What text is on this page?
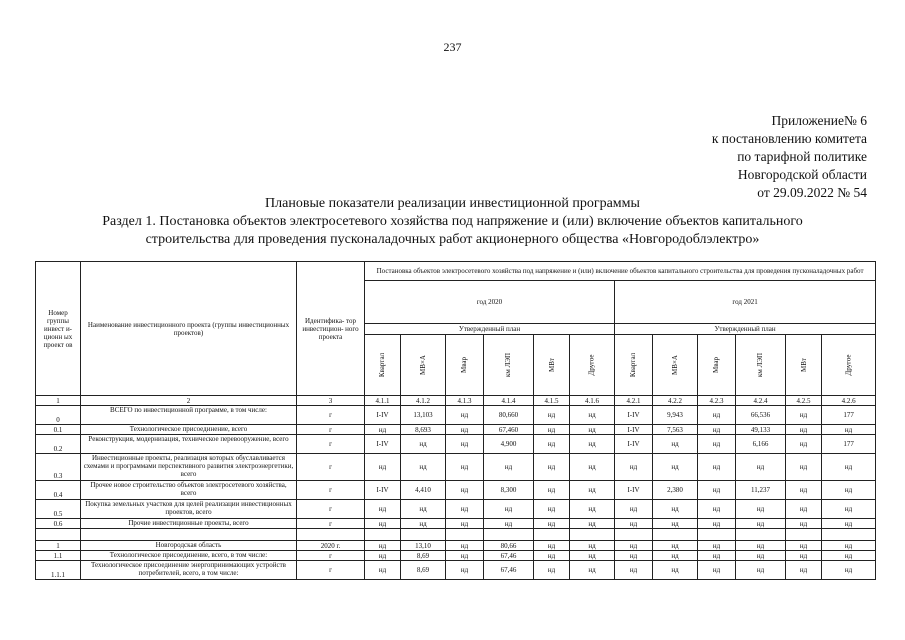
237
Приложение№ 6
к постановлению комитета
по тарифной политике
Новгородской области
от 29.09.2022 № 54
Плановые показатели реализации инвестиционной программы
Раздел 1. Постановка объектов электросетевого хозяйства под напряжение и (или) включение объектов капитального
строительства для проведения пусконаладочных работ акционерного общества «Новгородоблэлектро»
Номер группы инвест и- ционн ых проект ов	Наименование инвестиционного проекта (группы инвестиционных проектов)	Идентифика- тор инвестицион- ного проекта	Постановка объектов электросетевого хозяйства под напряжение и (или) включение объектов капитального строительства для проведения пусконаладочных работ											
			год 2020						год 2021					
			Утвержденный план						Утвержденный план					
			Квартал	МВ×А	Мвар	км ЛЭП	МВт	Другое	Квартал	МВ×А	Мвар	км ЛЭП	МВт	Другое
1	2	3	4.1.1	4.1.2	4.1.3	4.1.4	4.1.5	4.1.6	4.2.1	4.2.2	4.2.3	4.2.4	4.2.5	4.2.6
0	ВСЕГО по инвестиционной программе, в том числе:	г	I-IV	13,103	нд	80,660	нд	нд	I-IV	9,943	нд	66,536	нд	177
0.1	Технологическое присоединение, всего	г	нд	8,693	нд	67,460	нд	нд	I-IV	7,563	нд	49,133	нд	нд
0.2	Реконструкция, модернизация, техническое перевооружение, всего	г	I-IV	нд	нд	4,900	нд	нд	I-IV	нд	нд	6,166	нд	177
0.3	Инвестиционные проекты, реализация которых обуславливается схемами и программами перспективного развития электроэнергетики, всего	г	нд	нд	нд	нд	нд	нд	нд	нд	нд	нд	нд	нд
0.4	Прочее новое строительство объектов электросетевого хозяйства, всего	г	I-IV	4,410	нд	8,300	нд	нд	I-IV	2,380	нд	11,237	нд	нд
0.5	Покупка земельных участков для целей реализации инвестиционных проектов, всего	г	нд	нд	нд	нд	нд	нд	нд	нд	нд	нд	нд	нд
0.6	Прочие инвестиционные проекты, всего	г	нд	нд	нд	нд	нд	нд	нд	нд	нд	нд	нд	нд

1	Новгородская область	2020 г.	нд	13,10	нд	80,66	нд	нд	нд	нд	нд	нд	нд	нд
1.1	Технологическое присоединение, всего, в том числе:	г	нд	8,69	нд	67,46	нд	нд	нд	нд	нд	нд	нд	нд
1.1.1	Технологическое присоединение энергопринимающих устройств потребителей, всего, в том числе:	г	нд	8,69	нд	67,46	нд	нд	нд	нд	нд	нд	нд	нд
